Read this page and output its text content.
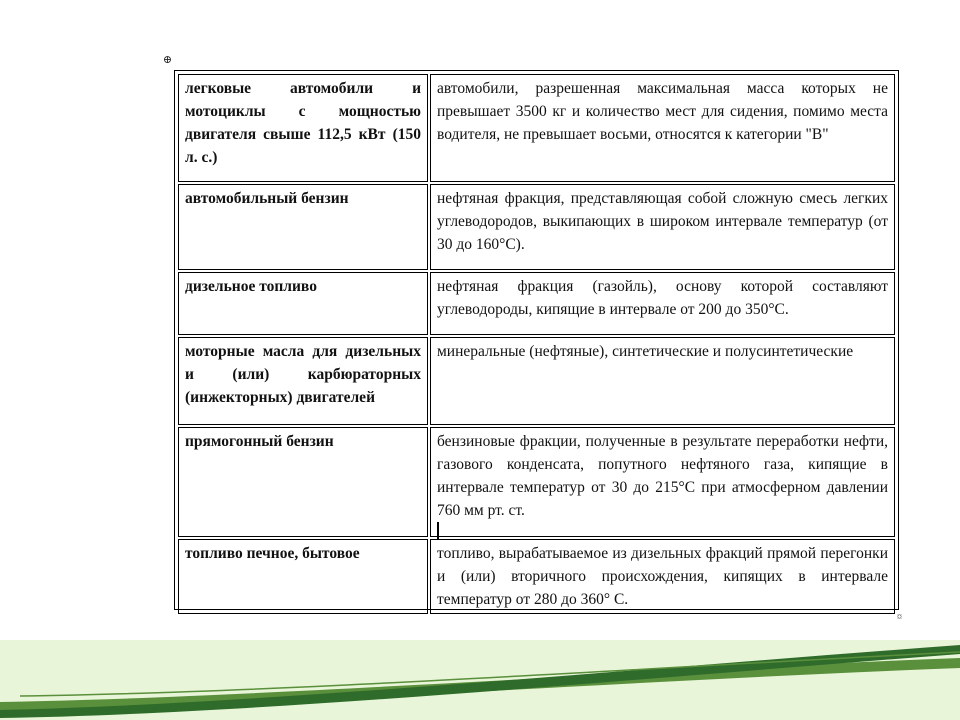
⊕
легковые автомобили и мотоциклы с мощностью двигателя свыше 112,5 кВт (150 л. с.)	автомобили, разрешенная максимальная масса которых не превышает 3500 кг и количество мест для сидения, помимо места водителя, не превышает восьми, относятся к категории "В"
автомобильный бензин	нефтяная фракция, представляющая собой сложную смесь легких углеводородов, выкипающих в широком интервале температур (от 30 до 160°С).
дизельное топливо	нефтяная фракция (газойль), основу которой составляют углеводороды, кипящие в интервале от 200 до 350°С.
моторные масла для дизельных и (или) карбюраторных (инжекторных) двигателей	минеральные (нефтяные), синтетические и полусинтетические
прямогонный бензин	бензиновые фракции, полученные в результате переработки нефти, газового конденсата, попутного нефтяного газа, кипящие в интервале температур от 30 до 215°С при атмосферном давлении 760 мм рт. ст.
топливо печное, бытовое	топливо, вырабатываемое из дизельных фракций прямой перегонки и (или) вторичного происхождения, кипящих в интервале температур от 280 до 360° С.
¤
